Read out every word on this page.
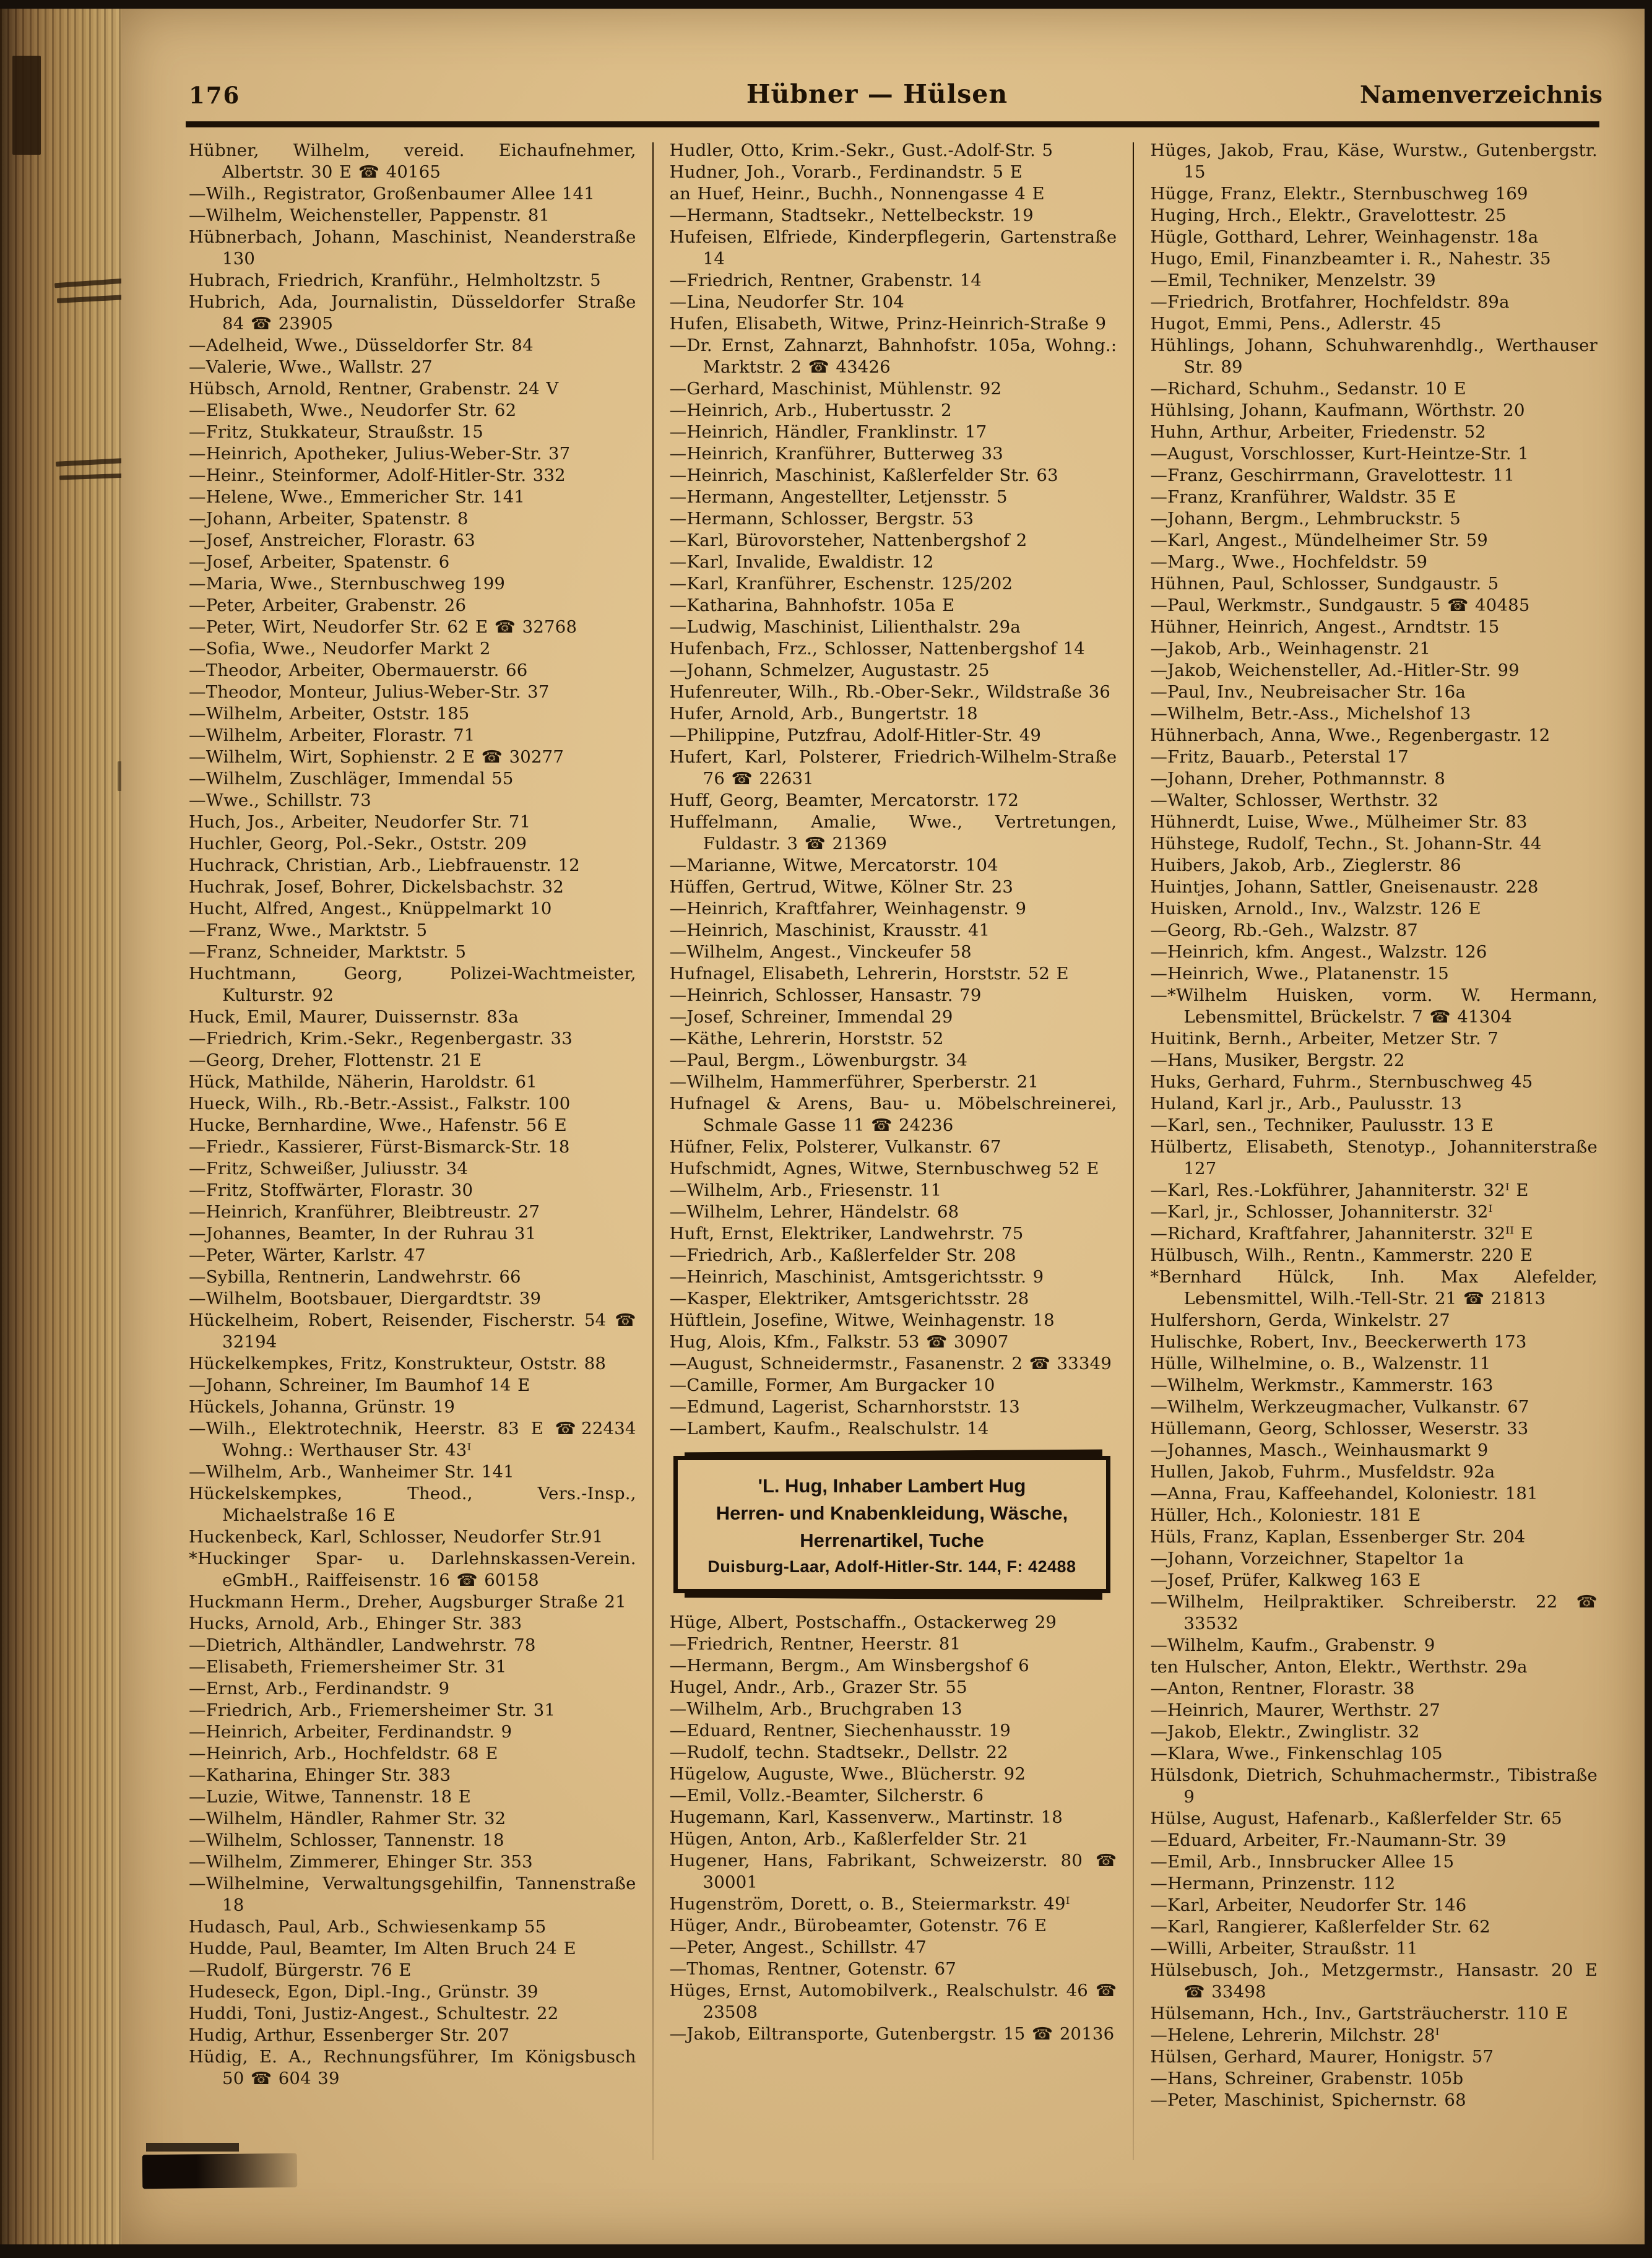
176	Hübner — Hülsen	Namenverzeichnis
Hübner, Wilhelm, vereid. Eichaufnehmer, Albertstr. 30 E ☎ 40165
—Wilh., Registrator, Großenbaumer Allee 141
—Wilhelm, Weichensteller, Pappenstr. 81
Hübnerbach, Johann, Maschinist, Neanderstraße 130
Hubrach, Friedrich, Kranführ., Helmholtzstr. 5
Hubrich, Ada, Journalistin, Düsseldorfer Straße 84 ☎ 23905
—Adelheid, Wwe., Düsseldorfer Str. 84
—Valerie, Wwe., Wallstr. 27
Hübsch, Arnold, Rentner, Grabenstr. 24 V
—Elisabeth, Wwe., Neudorfer Str. 62
—Fritz, Stukkateur, Straußstr. 15
—Heinrich, Apotheker, Julius-Weber-Str. 37
—Heinr., Steinformer, Adolf-Hitler-Str. 332
—Helene, Wwe., Emmericher Str. 141
—Johann, Arbeiter, Spatenstr. 8
—Josef, Anstreicher, Florastr. 63
—Josef, Arbeiter, Spatenstr. 6
—Maria, Wwe., Sternbuschweg 199
—Peter, Arbeiter, Grabenstr. 26
—Peter, Wirt, Neudorfer Str. 62 E ☎ 32768
—Sofia, Wwe., Neudorfer Markt 2
—Theodor, Arbeiter, Obermauerstr. 66
—Theodor, Monteur, Julius-Weber-Str. 37
—Wilhelm, Arbeiter, Oststr. 185
—Wilhelm, Arbeiter, Florastr. 71
—Wilhelm, Wirt, Sophienstr. 2 E ☎ 30277
—Wilhelm, Zuschläger, Immendal 55
—Wwe., Schillstr. 73
Huch, Jos., Arbeiter, Neudorfer Str. 71
Huchler, Georg, Pol.-Sekr., Oststr. 209
Huchrack, Christian, Arb., Liebfrauenstr. 12
Huchrak, Josef, Bohrer, Dickelsbachstr. 32
Hucht, Alfred, Angest., Knüppelmarkt 10
—Franz, Wwe., Marktstr. 5
—Franz, Schneider, Marktstr. 5
Huchtmann, Georg, Polizei-Wachtmeister, Kulturstr. 92
Huck, Emil, Maurer, Duissernstr. 83a
—Friedrich, Krim.-Sekr., Regenbergastr. 33
—Georg, Dreher, Flottenstr. 21 E
Hück, Mathilde, Näherin, Haroldstr. 61
Hueck, Wilh., Rb.-Betr.-Assist., Falkstr. 100
Hucke, Bernhardine, Wwe., Hafenstr. 56 E
—Friedr., Kassierer, Fürst-Bismarck-Str. 18
—Fritz, Schweißer, Juliusstr. 34
—Fritz, Stoffwärter, Florastr. 30
—Heinrich, Kranführer, Bleibtreustr. 27
—Johannes, Beamter, In der Ruhrau 31
—Peter, Wärter, Karlstr. 47
—Sybilla, Rentnerin, Landwehrstr. 66
—Wilhelm, Bootsbauer, Diergardtstr. 39
Hückelheim, Robert, Reisender, Fischerstr. 54 ☎ 32194
Hückelkempkes, Fritz, Konstrukteur, Oststr. 88
—Johann, Schreiner, Im Baumhof 14 E
Hückels, Johanna, Grünstr. 19
—Wilh., Elektrotechnik, Heerstr. 83 E ☎22434 Wohng.: Werthauser Str. 43ᴵ
—Wilhelm, Arb., Wanheimer Str. 141
Hückelskempkes, Theod., Vers.-Insp., Michaelstraße 16 E
Huckenbeck, Karl, Schlosser, Neudorfer Str.91
*Huckinger Spar- u. Darlehnskassen-Verein. eGmbH., Raiffeisenstr. 16 ☎ 60158
Huckmann Herm., Dreher, Augsburger Straße 21
Hucks, Arnold, Arb., Ehinger Str. 383
—Dietrich, Althändler, Landwehrstr. 78
—Elisabeth, Friemersheimer Str. 31
—Ernst, Arb., Ferdinandstr. 9
—Friedrich, Arb., Friemersheimer Str. 31
—Heinrich, Arbeiter, Ferdinandstr. 9
—Heinrich, Arb., Hochfeldstr. 68 E
—Katharina, Ehinger Str. 383
—Luzie, Witwe, Tannenstr. 18 E
—Wilhelm, Händler, Rahmer Str. 32
—Wilhelm, Schlosser, Tannenstr. 18
—Wilhelm, Zimmerer, Ehinger Str. 353
—Wilhelmine, Verwaltungsgehilfin, Tannenstraße 18
Hudasch, Paul, Arb., Schwiesenkamp 55
Hudde, Paul, Beamter, Im Alten Bruch 24 E
—Rudolf, Bürgerstr. 76 E
Hudeseck, Egon, Dipl.-Ing., Grünstr. 39
Huddi, Toni, Justiz-Angest., Schultestr. 22
Hudig, Arthur, Essenberger Str. 207
Hüdig, E. A., Rechnungsführer, Im Königsbusch 50 ☎ 604 39
Hudler, Otto, Krim.-Sekr., Gust.-Adolf-Str. 5
Hudner, Joh., Vorarb., Ferdinandstr. 5 E
an Huef, Heinr., Buchh., Nonnengasse 4 E
—Hermann, Stadtsekr., Nettelbeckstr. 19
Hufeisen, Elfriede, Kinderpflegerin, Gartenstraße 14
—Friedrich, Rentner, Grabenstr. 14
—Lina, Neudorfer Str. 104
Hufen, Elisabeth, Witwe, Prinz-Heinrich-Straße 9
—Dr. Ernst, Zahnarzt, Bahnhofstr. 105a, Wohng.: Marktstr. 2 ☎ 43426
—Gerhard, Maschinist, Mühlenstr. 92
—Heinrich, Arb., Hubertusstr. 2
—Heinrich, Händler, Franklinstr. 17
—Heinrich, Kranführer, Butterweg 33
—Heinrich, Maschinist, Kaßlerfelder Str. 63
—Hermann, Angestellter, Letjensstr. 5
—Hermann, Schlosser, Bergstr. 53
—Karl, Bürovorsteher, Nattenbergshof 2
—Karl, Invalide, Ewaldistr. 12
—Karl, Kranführer, Eschenstr. 125/202
—Katharina, Bahnhofstr. 105a E
—Ludwig, Maschinist, Lilienthalstr. 29a
Hufenbach, Frz., Schlosser, Nattenbergshof 14
—Johann, Schmelzer, Augustastr. 25
Hufenreuter, Wilh., Rb.-Ober-Sekr., Wildstraße 36
Hufer, Arnold, Arb., Bungertstr. 18
—Philippine, Putzfrau, Adolf-Hitler-Str. 49
Hufert, Karl, Polsterer, Friedrich-Wilhelm-Straße 76 ☎ 22631
Huff, Georg, Beamter, Mercatorstr. 172
Huffelmann, Amalie, Wwe., Vertretungen, Fuldastr. 3 ☎ 21369
—Marianne, Witwe, Mercatorstr. 104
Hüffen, Gertrud, Witwe, Kölner Str. 23
—Heinrich, Kraftfahrer, Weinhagenstr. 9
—Heinrich, Maschinist, Krausstr. 41
—Wilhelm, Angest., Vinckeufer 58
Hufnagel, Elisabeth, Lehrerin, Horststr. 52 E
—Heinrich, Schlosser, Hansastr. 79
—Josef, Schreiner, Immendal 29
—Käthe, Lehrerin, Horststr. 52
—Paul, Bergm., Löwenburgstr. 34
—Wilhelm, Hammerführer, Sperberstr. 21
Hufnagel & Arens, Bau- u. Möbelschreinerei, Schmale Gasse 11 ☎ 24236
Hüfner, Felix, Polsterer, Vulkanstr. 67
Hufschmidt, Agnes, Witwe, Sternbuschweg 52 E
—Wilhelm, Arb., Friesenstr. 11
—Wilhelm, Lehrer, Händelstr. 68
Huft, Ernst, Elektriker, Landwehrstr. 75
—Friedrich, Arb., Kaßlerfelder Str. 208
—Heinrich, Maschinist, Amtsgerichtsstr. 9
—Kasper, Elektriker, Amtsgerichtsstr. 28
Hüftlein, Josefine, Witwe, Weinhagenstr. 18
Hug, Alois, Kfm., Falkstr. 53 ☎ 30907
—August, Schneidermstr., Fasanenstr. 2 ☎ 33349
—Camille, Former, Am Burgacker 10
—Edmund, Lagerist, Scharnhorststr. 13
—Lambert, Kaufm., Realschulstr. 14
'L. Hug, Inhaber Lambert Hug
Herren- und Knabenkleidung, Wäsche,
Herrenartikel, Tuche
Duisburg-Laar, Adolf-Hitler-Str. 144, F: 42488
Hüge, Albert, Postschaffn., Ostackerweg 29
—Friedrich, Rentner, Heerstr. 81
—Hermann, Bergm., Am Winsbergshof 6
Hugel, Andr., Arb., Grazer Str. 55
—Wilhelm, Arb., Bruchgraben 13
—Eduard, Rentner, Siechenhausstr. 19
—Rudolf, techn. Stadtsekr., Dellstr. 22
Hügelow, Auguste, Wwe., Blücherstr. 92
—Emil, Vollz.-Beamter, Silcherstr. 6
Hugemann, Karl, Kassenverw., Martinstr. 18
Hügen, Anton, Arb., Kaßlerfelder Str. 21
Hugener, Hans, Fabrikant, Schweizerstr. 80 ☎ 30001
Hugenström, Dorett, o. B., Steiermarkstr. 49ᴵ
Hüger, Andr., Bürobeamter, Gotenstr. 76 E
—Peter, Angest., Schillstr. 47
—Thomas, Rentner, Gotenstr. 67
Hüges, Ernst, Automobilverk., Realschulstr. 46 ☎ 23508
—Jakob, Eiltransporte, Gutenbergstr. 15 ☎ 20136
Hüges, Jakob, Frau, Käse, Wurstw., Gutenbergstr. 15
Hügge, Franz, Elektr., Sternbuschweg 169
Huging, Hrch., Elektr., Gravelottestr. 25
Hügle, Gotthard, Lehrer, Weinhagenstr. 18a
Hugo, Emil, Finanzbeamter i. R., Nahestr. 35
—Emil, Techniker, Menzelstr. 39
—Friedrich, Brotfahrer, Hochfeldstr. 89a
Hugot, Emmi, Pens., Adlerstr. 45
Hühlings, Johann, Schuhwarenhdlg., Werthauser Str. 89
—Richard, Schuhm., Sedanstr. 10 E
Hühlsing, Johann, Kaufmann, Wörthstr. 20
Huhn, Arthur, Arbeiter, Friedenstr. 52
—August, Vorschlosser, Kurt-Heintze-Str. 1
—Franz, Geschirrmann, Gravelottestr. 11
—Franz, Kranführer, Waldstr. 35 E
—Johann, Bergm., Lehmbruckstr. 5
—Karl, Angest., Mündelheimer Str. 59
—Marg., Wwe., Hochfeldstr. 59
Hühnen, Paul, Schlosser, Sundgaustr. 5
—Paul, Werkmstr., Sundgaustr. 5 ☎ 40485
Hühner, Heinrich, Angest., Arndtstr. 15
—Jakob, Arb., Weinhagenstr. 21
—Jakob, Weichensteller, Ad.-Hitler-Str. 99
—Paul, Inv., Neubreisacher Str. 16a
—Wilhelm, Betr.-Ass., Michelshof 13
Hühnerbach, Anna, Wwe., Regenbergastr. 12
—Fritz, Bauarb., Peterstal 17
—Johann, Dreher, Pothmannstr. 8
—Walter, Schlosser, Werthstr. 32
Hühnerdt, Luise, Wwe., Mülheimer Str. 83
Hühstege, Rudolf, Techn., St. Johann-Str. 44
Huibers, Jakob, Arb., Zieglerstr. 86
Huintjes, Johann, Sattler, Gneisenaustr. 228
Huisken, Arnold., Inv., Walzstr. 126 E
—Georg, Rb.-Geh., Walzstr. 87
—Heinrich, kfm. Angest., Walzstr. 126
—Heinrich, Wwe., Platanenstr. 15
—*Wilhelm Huisken, vorm. W. Hermann, Lebensmittel, Brückelstr. 7 ☎ 41304
Huitink, Bernh., Arbeiter, Metzer Str. 7
—Hans, Musiker, Bergstr. 22
Huks, Gerhard, Fuhrm., Sternbuschweg 45
Huland, Karl jr., Arb., Paulusstr. 13
—Karl, sen., Techniker, Paulusstr. 13 E
Hülbertz, Elisabeth, Stenotyp., Johanniterstraße 127
—Karl, Res.-Lokführer, Jahanniterstr. 32ᴵ E
—Karl, jr., Schlosser, Johanniterstr. 32ᴵ
—Richard, Kraftfahrer, Jahanniterstr. 32ᴵᴵ E
Hülbusch, Wilh., Rentn., Kammerstr. 220 E
*Bernhard Hülck, Inh. Max Alefelder, Lebensmittel, Wilh.-Tell-Str. 21 ☎ 21813
Hulfershorn, Gerda, Winkelstr. 27
Hulischke, Robert, Inv., Beeckerwerth 173
Hülle, Wilhelmine, o. B., Walzenstr. 11
—Wilhelm, Werkmstr., Kammerstr. 163
—Wilhelm, Werkzeugmacher, Vulkanstr. 67
Hüllemann, Georg, Schlosser, Weserstr. 33
—Johannes, Masch., Weinhausmarkt 9
Hullen, Jakob, Fuhrm., Musfeldstr. 92a
—Anna, Frau, Kaffeehandel, Koloniestr. 181
Hüller, Hch., Koloniestr. 181 E
Hüls, Franz, Kaplan, Essenberger Str. 204
—Johann, Vorzeichner, Stapeltor 1a
—Josef, Prüfer, Kalkweg 163 E
—Wilhelm, Heilpraktiker. Schreiberstr. 22 ☎ 33532
—Wilhelm, Kaufm., Grabenstr. 9
ten Hulscher, Anton, Elektr., Werthstr. 29a
—Anton, Rentner, Florastr. 38
—Heinrich, Maurer, Werthstr. 27
—Jakob, Elektr., Zwinglistr. 32
—Klara, Wwe., Finkenschlag 105
Hülsdonk, Dietrich, Schuhmachermstr., Tibistraße 9
Hülse, August, Hafenarb., Kaßlerfelder Str. 65
—Eduard, Arbeiter, Fr.-Naumann-Str. 39
—Emil, Arb., Innsbrucker Allee 15
—Hermann, Prinzenstr. 112
—Karl, Arbeiter, Neudorfer Str. 146
—Karl, Rangierer, Kaßlerfelder Str. 62
—Willi, Arbeiter, Straußstr. 11
Hülsebusch, Joh., Metzgermstr., Hansastr. 20 E ☎ 33498
Hülsemann, Hch., Inv., Gartsträucherstr. 110 E
—Helene, Lehrerin, Milchstr. 28ᴵ
Hülsen, Gerhard, Maurer, Honigstr. 57
—Hans, Schreiner, Grabenstr. 105b
—Peter, Maschinist, Spichernstr. 68
